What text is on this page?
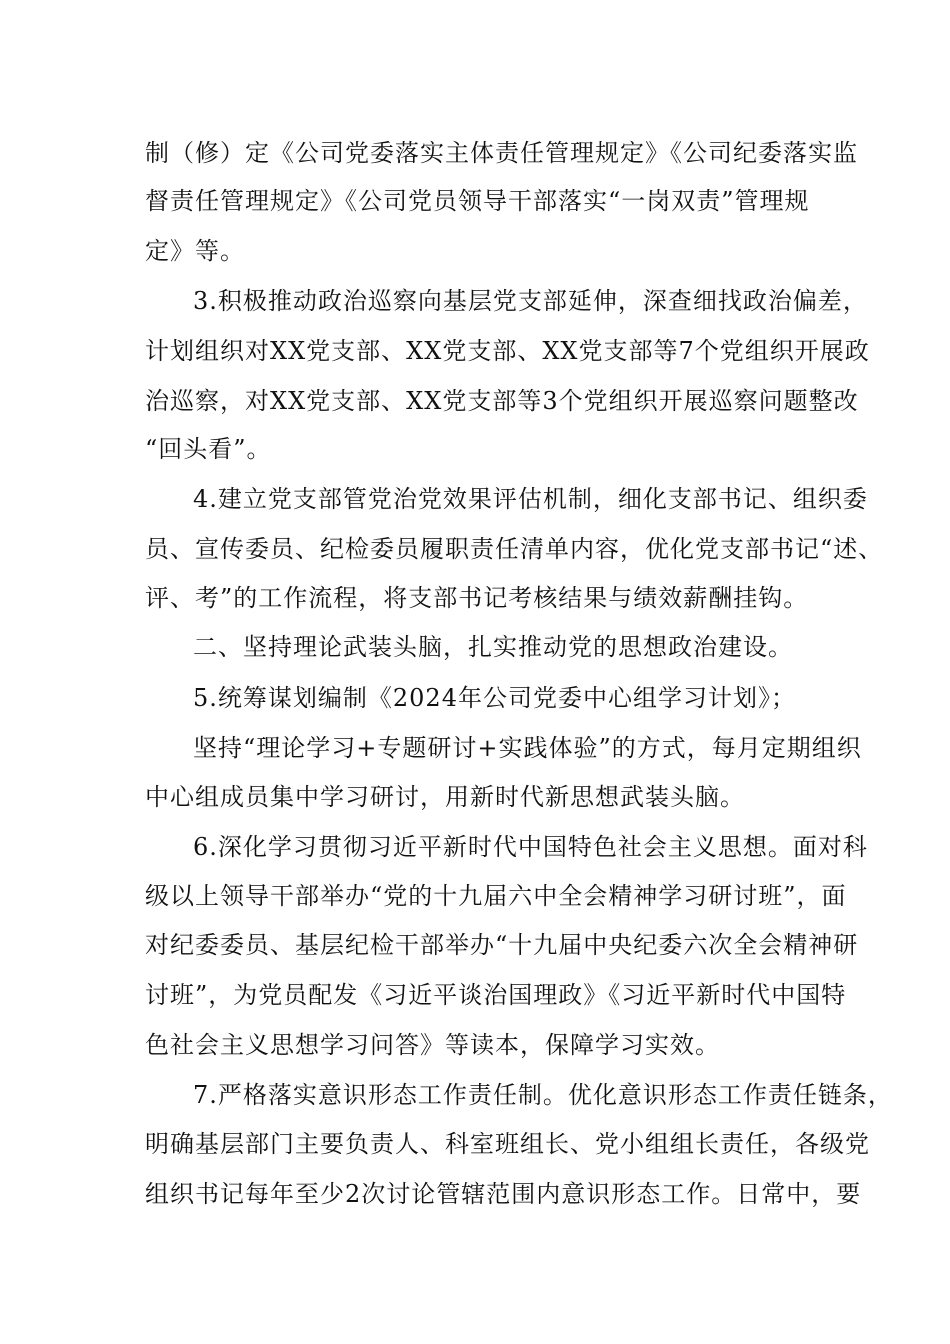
制（修）定《公司党委落实主体责任管理规定》《公司纪委落实监
督责任管理规定》《公司党员领导干部落实“一岗双责”管理规
定》等。
3.积极推动政治巡察向基层党支部延伸，深查细找政治偏差，
计划组织对XX党支部、XX党支部、XX党支部等7个党组织开展政
治巡察，对XX党支部、XX党支部等3个党组织开展巡察问题整改
“回头看”。
4.建立党支部管党治党效果评估机制，细化支部书记、组织委
员、宣传委员、纪检委员履职责任清单内容，优化党支部书记“述、
评、考”的工作流程，将支部书记考核结果与绩效薪酬挂钩。
二、坚持理论武装头脑，扎实推动党的思想政治建设。
5.统筹谋划编制《2024年公司党委中心组学习计划》；
坚持“理论学习+专题研讨+实践体验”的方式，每月定期组织
中心组成员集中学习研讨，用新时代新思想武装头脑。
6.深化学习贯彻习近平新时代中国特色社会主义思想。面对科
级以上领导干部举办“党的十九届六中全会精神学习研讨班”，面
对纪委委员、基层纪检干部举办“十九届中央纪委六次全会精神研
讨班”，为党员配发《习近平谈治国理政》《习近平新时代中国特
色社会主义思想学习问答》等读本，保障学习实效。
7.严格落实意识形态工作责任制。优化意识形态工作责任链条，
明确基层部门主要负责人、科室班组长、党小组组长责任，各级党
组织书记每年至少2次讨论管辖范围内意识形态工作。日常中，要
